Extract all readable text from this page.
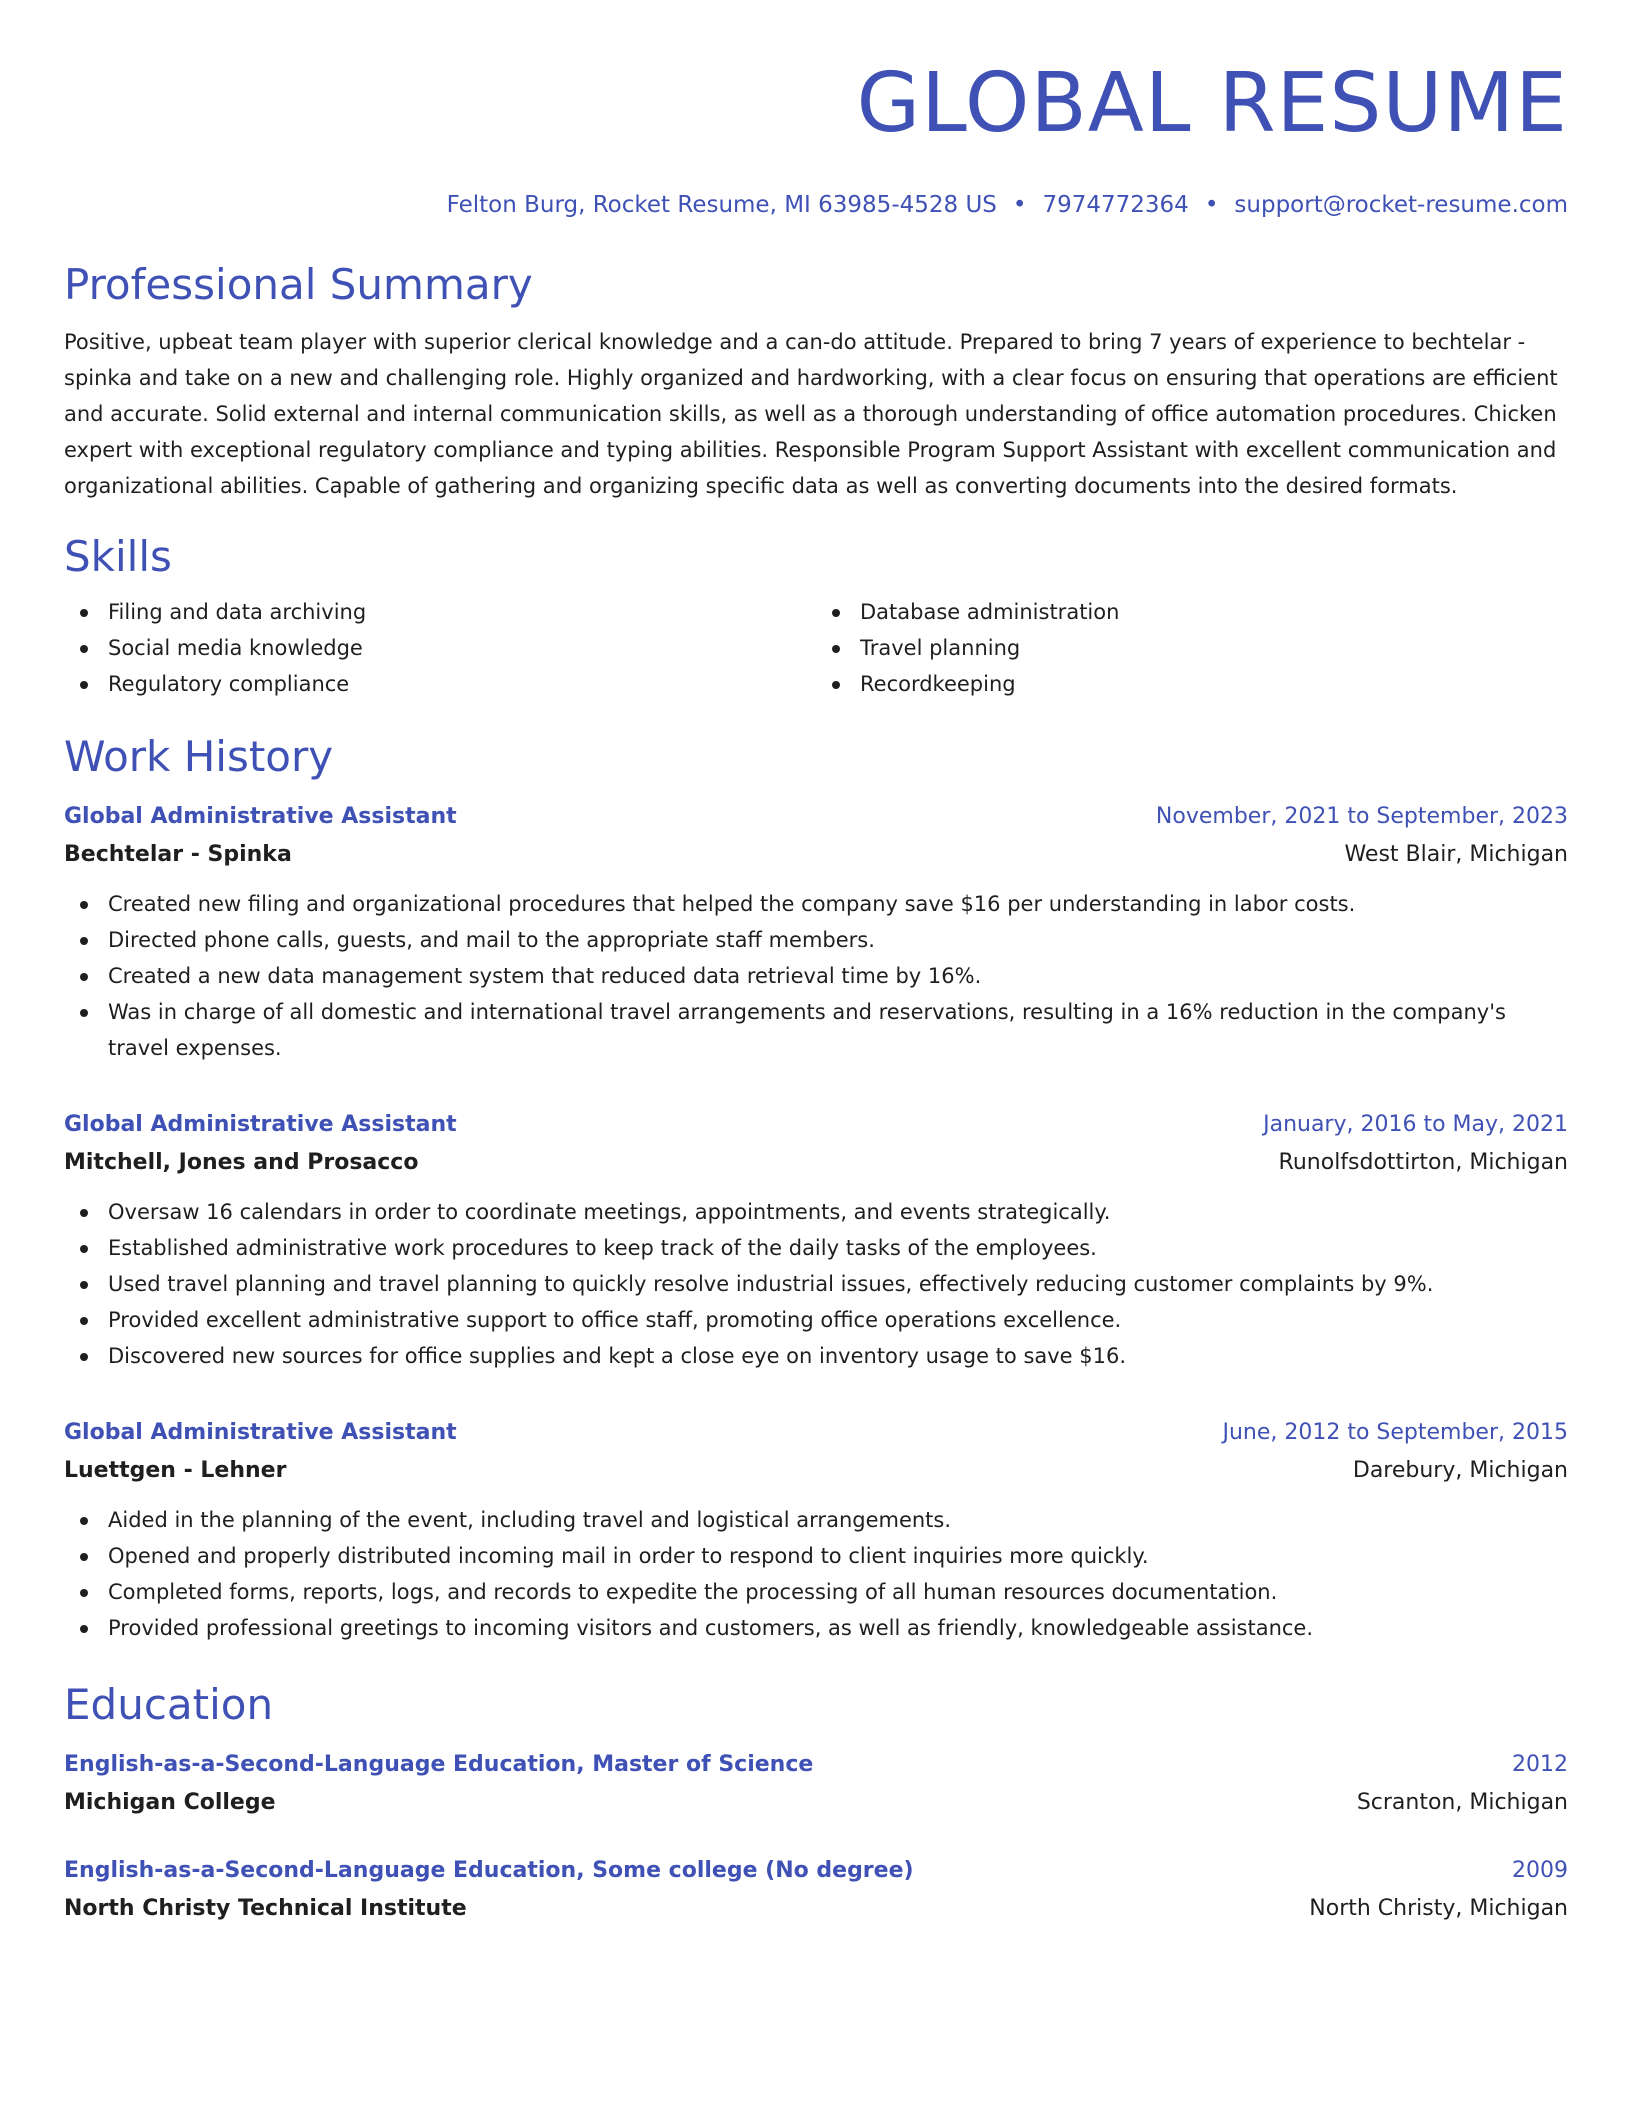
GLOBAL RESUME
Felton Burg, Rocket Resume, MI 63985-4528 US • 7974772364 • support@rocket-resume.com
Professional Summary

Positive, upbeat team player with superior clerical knowledge and a can-do attitude. Prepared to bring 7 years of experience to bechtelar - spinka and take on a new and challenging role. Highly organized and hardworking, with a clear focus on ensuring that operations are efficient and accurate. Solid external and internal communication skills, as well as a thorough understanding of office automation procedures. Chicken expert with exceptional regulatory compliance and typing abilities. Responsible Program Support Assistant with excellent communication and organizational abilities. Capable of gathering and organizing specific data as well as converting documents into the desired formats.

Skills
Filing and data archiving
Social media knowledge
Regulatory compliance
Database administration
Travel planning
Recordkeeping
Work History
Global Administrative Assistant	November, 2021 to September, 2023
Bechtelar - Spinka	West Blair, Michigan
Created new filing and organizational procedures that helped the company save $16 per understanding in labor costs.
Directed phone calls, guests, and mail to the appropriate staff members.
Created a new data management system that reduced data retrieval time by 16%.
Was in charge of all domestic and international travel arrangements and reservations, resulting in a 16% reduction in the company's travel expenses.
Global Administrative Assistant	January, 2016 to May, 2021
Mitchell, Jones and Prosacco	Runolfsdottirton, Michigan
Oversaw 16 calendars in order to coordinate meetings, appointments, and events strategically.
Established administrative work procedures to keep track of the daily tasks of the employees.
Used travel planning and travel planning to quickly resolve industrial issues, effectively reducing customer complaints by 9%.
Provided excellent administrative support to office staff, promoting office operations excellence.
Discovered new sources for office supplies and kept a close eye on inventory usage to save $16.
Global Administrative Assistant	June, 2012 to September, 2015
Luettgen - Lehner	Darebury, Michigan
Aided in the planning of the event, including travel and logistical arrangements.
Opened and properly distributed incoming mail in order to respond to client inquiries more quickly.
Completed forms, reports, logs, and records to expedite the processing of all human resources documentation.
Provided professional greetings to incoming visitors and customers, as well as friendly, knowledgeable assistance.
Education
English-as-a-Second-Language Education, Master of Science	2012
Michigan College	Scranton, Michigan
English-as-a-Second-Language Education, Some college (No degree)	2009
North Christy Technical Institute	North Christy, Michigan
